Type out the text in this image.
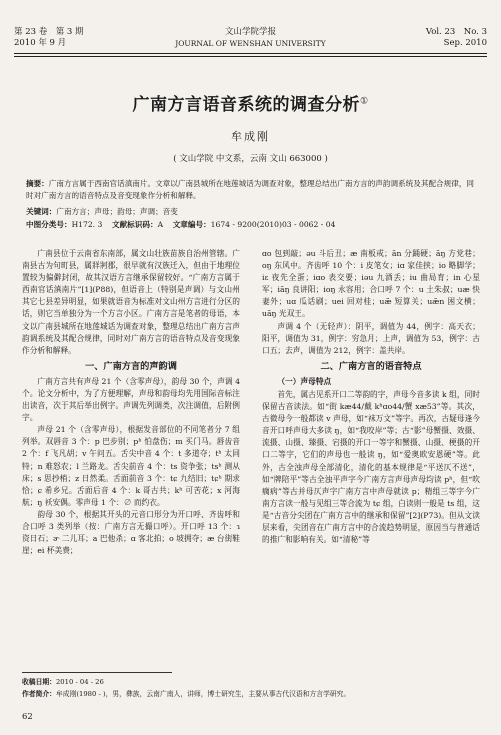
第 23 卷　第 3 期
2010 年 9 月
文山学院学报
JOURNAL OF WENSHAN UNIVERSITY
Vol. 23　No. 3
Sep. 2010
广南方言语音系统的调查分析①
牟成刚
( 文山学院 中文系，云南 文山 663000 )
摘要：广南方言属于西南官话滇南片。文章以广南县城所在地莲城话为调查对象，整理总结出广南方言的声韵调系统及其配合规律，同时对广南方言的语音特点及音变现象作分析和解释。
关键词：广南方言；声母；韵母；声调；音变
中图分类号：H172. 3 文献标识码：A 文章编号：1674 - 9200(2010)03 - 0062 - 04

广南县位于云南省东南部，属文山壮族苗族自治州管辖。广南县古为句町县，属牂牁郡，很早就有汉族迁入，但由于地理位置较为偏僻封闭，故其汉语方言继承保留较好。“广南方言属于西南官话滇南片”[1](P88)，但语音上（特别是声调）与文山州其它七县差异明显，如果就语音为标准对文山州方言进行分区的话，则它当单独分为一个方言小区。广南方言是笔者的母语，本文以广南县城所在地莲城话为调查对象，整理总结出广南方言声韵调系统及其配合规律，同时对广南方言的语音特点及音变现象作分析和解释。

一、广南方言的声韵调

广南方言共有声母 21 个（含零声母），韵母 30 个，声调 4 个。论文分析中，为了方便理解，声母和韵母均先用国际音标注出读音，次于其后举出例字。声调先列调类，次注调值，后附例字。

声母 21 个（含零声母），根据发音部位的不同笔者分 7 组列举。双唇音 3 个：p 巴步别；pʰ 怕盘伤；m 买门马。唇齿音 2 个：f 飞凡胡；v 午问五。舌尖中音 4 个：t 多道夺；tʰ 太同特；n 难怒农；l 兰路龙。舌尖前音 4 个：ts 资争张；tsʰ 测从床；s 思抄梢；z 日然柔。舌面前音 3 个：tɕ 九结旧；tɕʰ 期求恰；ɕ 希乡兄。舌面后音 4 个：k 哥古共；kʰ 可苦花；x 河海航；ŋ 袄安偶。零声母 1 个：∅ 而约衣。

韵母 30 个，根据其开头的元音口形分为开口呼、齐齿呼和合口呼 3 类列举（按：广南方言无撮口呼）。开口呼 13 个：ɿ 资日石；ɚ 二儿耳；a 巴他杀；ɑ 客北拍；o 坡拥夺；æ 台街鞋崖；ei 杯美费；

ɑo 包到敲；əu 斗后丑；æ 南板戒；ãn 分踊硬；ãŋ 方党巷；oŋ 东风中。齐齿呼 10 个：i 皮笔女；iɑ 家佳挟；io 略脚学；iε 夜先全蛋；iɑo 表交要；iəu 九酒丢；iu 曲局育；in 心星军；iãŋ 良讲阳；ioŋ 永容用；合口呼 7 个：u 土朱叔；uæ 快妻外；uɑ 瓜话刷；uei 回对桂；uæ̃ 短算关；uæ̃n 困文横；uãŋ 光双王。

声调 4 个（无轻声）：阴平，调值为 44，例字：高天衣；阳平，调值为 31，例字：穷急月；上声，调值为 53，例字：古口五；去声，调值为 212，例字：盖共岸。

二、广南方言的语音特点
（一）声母特点

首先，属古见系开口二等韵的字，声母今音多读 k 组，同时保留古音读法。如“街 kæ44/戴 kʰɑo44/蟹 xæ53”等。其次，古微母今一般都读 v 声母，如“袜万文”等字。再次，古疑母逢今音开口呼声母大多读 ŋ，如“我咬岸”等；古“影”母蟹摄、效摄、流摄、山摄、臻摄、宕摄的开口一等字和蟹摄、山摄、梗摄的开口二等字，它们的声母也一般读 ŋ，如“爱奥欧安恩硬”等。此外，古全浊声母全部清化，清化的基本规律是“平送仄不送”，如“牌陪平”等古全浊平声字今广南方言声母声母均读 pʰ，但“吹瘸病”等古并母仄声字广南方言中声母就读 p；精组三等字今广南方言读一般与见组三等合流为 tɕ 组，白读则一般是 ts 组，这是“古音分尖团在广南方言中的继承和保留”[2](P73)。但从文读层来看，尖团音在广南方言中的合流趋势明显，原因当与普通话的推广和影响有关。如“清秘”等

收稿日期：2010 - 04 - 26
作者简介：牟成刚(1980 - )，男，彝族，云南广南人，讲师，博士研究生，主要从事古代汉语和方言学研究。
62
